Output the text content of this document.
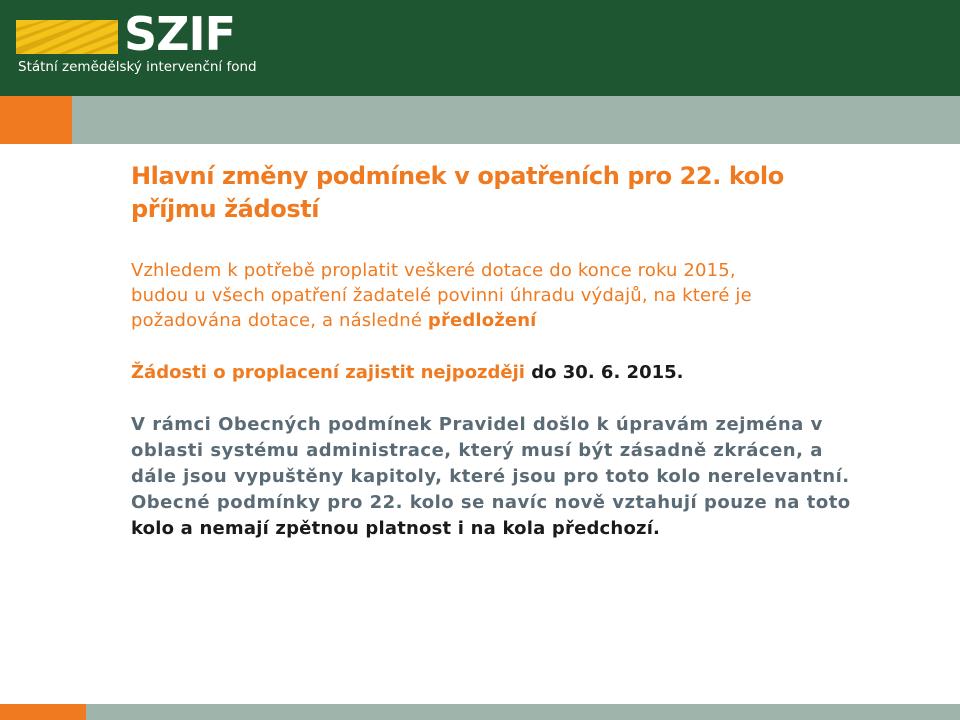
SZIF
Státní zemědělský intervenční fond
Hlavní změny podmínek v opatřeních pro 22. kolo
příjmu žádostí

Vzhledem k potřebě proplatit veškeré dotace do konce roku 2015,
budou u všech opatření žadatelé povinni úhradu výdajů, na které je
požadována dotace, a následné předložení

Žádosti o proplacení zajistit nejpozději do 30. 6. 2015.

V rámci Obecných podmínek Pravidel došlo k úpravám zejména v
oblasti systému administrace, který musí být zásadně zkrácen, a
dále jsou vypuštěny kapitoly, které jsou pro toto kolo nerelevantní.
Obecné podmínky pro 22. kolo se navíc nově vztahují pouze na toto
kolo a nemají zpětnou platnost i na kola předchozí.
